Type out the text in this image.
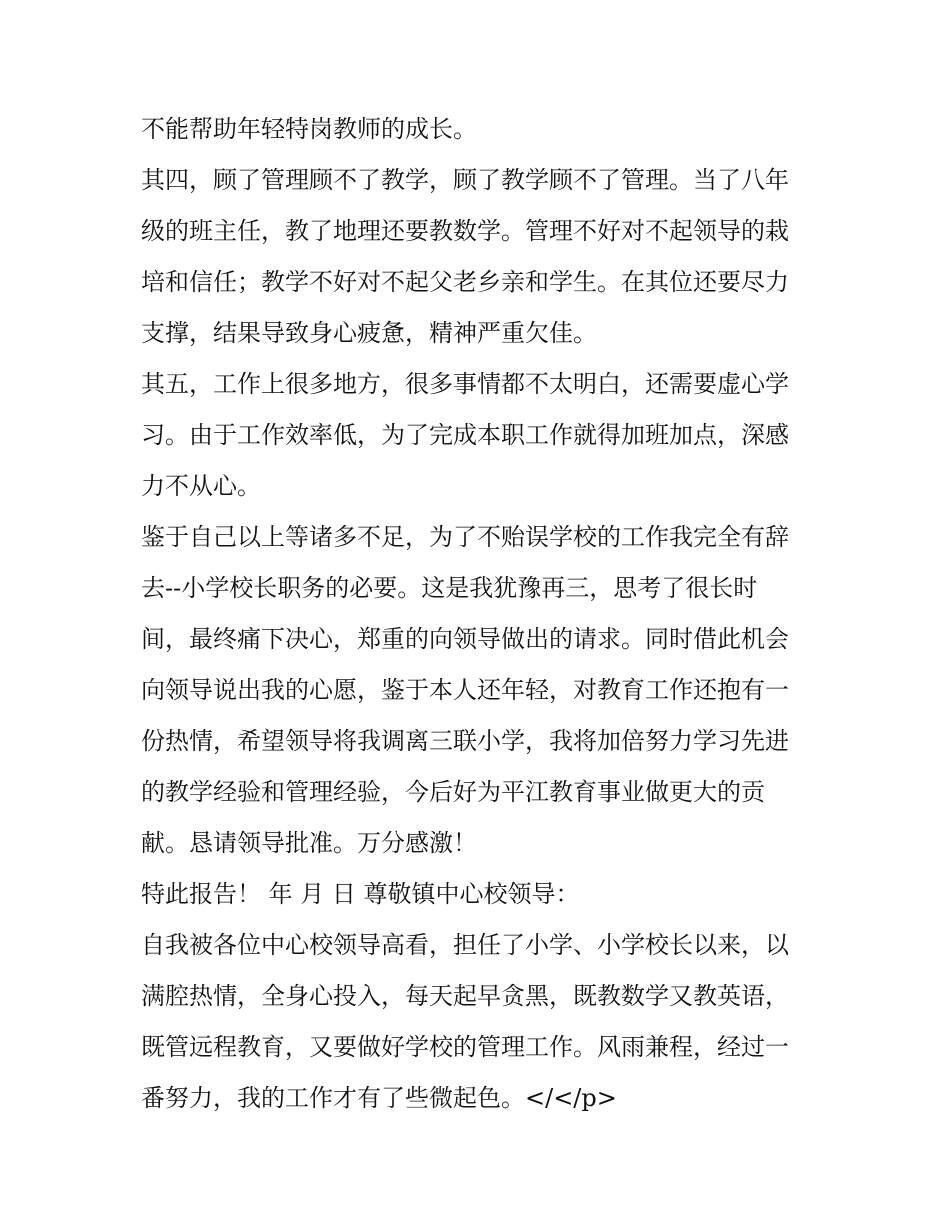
不能帮助年轻特岗教师的成长。
其四，顾了管理顾不了教学，顾了教学顾不了管理。当了八年
级的班主任，教了地理还要教数学。管理不好对不起领导的栽
培和信任；教学不好对不起父老乡亲和学生。在其位还要尽力
支撑，结果导致身心疲惫，精神严重欠佳。
其五，工作上很多地方，很多事情都不太明白，还需要虚心学
习。由于工作效率低，为了完成本职工作就得加班加点，深感
力不从心。
鉴于自己以上等诸多不足，为了不贻误学校的工作我完全有辞
去--小学校长职务的必要。这是我犹豫再三，思考了很长时
间，最终痛下决心，郑重的向领导做出的请求。同时借此机会
向领导说出我的心愿，鉴于本人还年轻，对教育工作还抱有一
份热情，希望领导将我调离三联小学，我将加倍努力学习先进
的教学经验和管理经验，今后好为平江教育事业做更大的贡
献。恳请领导批准。万分感激！
特此报告！ 年 月 日 尊敬镇中心校领导：
自我被各位中心校领导高看，担任了小学、小学校长以来，以
满腔热情，全身心投入，每天起早贪黑，既教数学又教英语，
既管远程教育，又要做好学校的管理工作。风雨兼程，经过一
番努力，我的工作才有了些微起色。</</p>
